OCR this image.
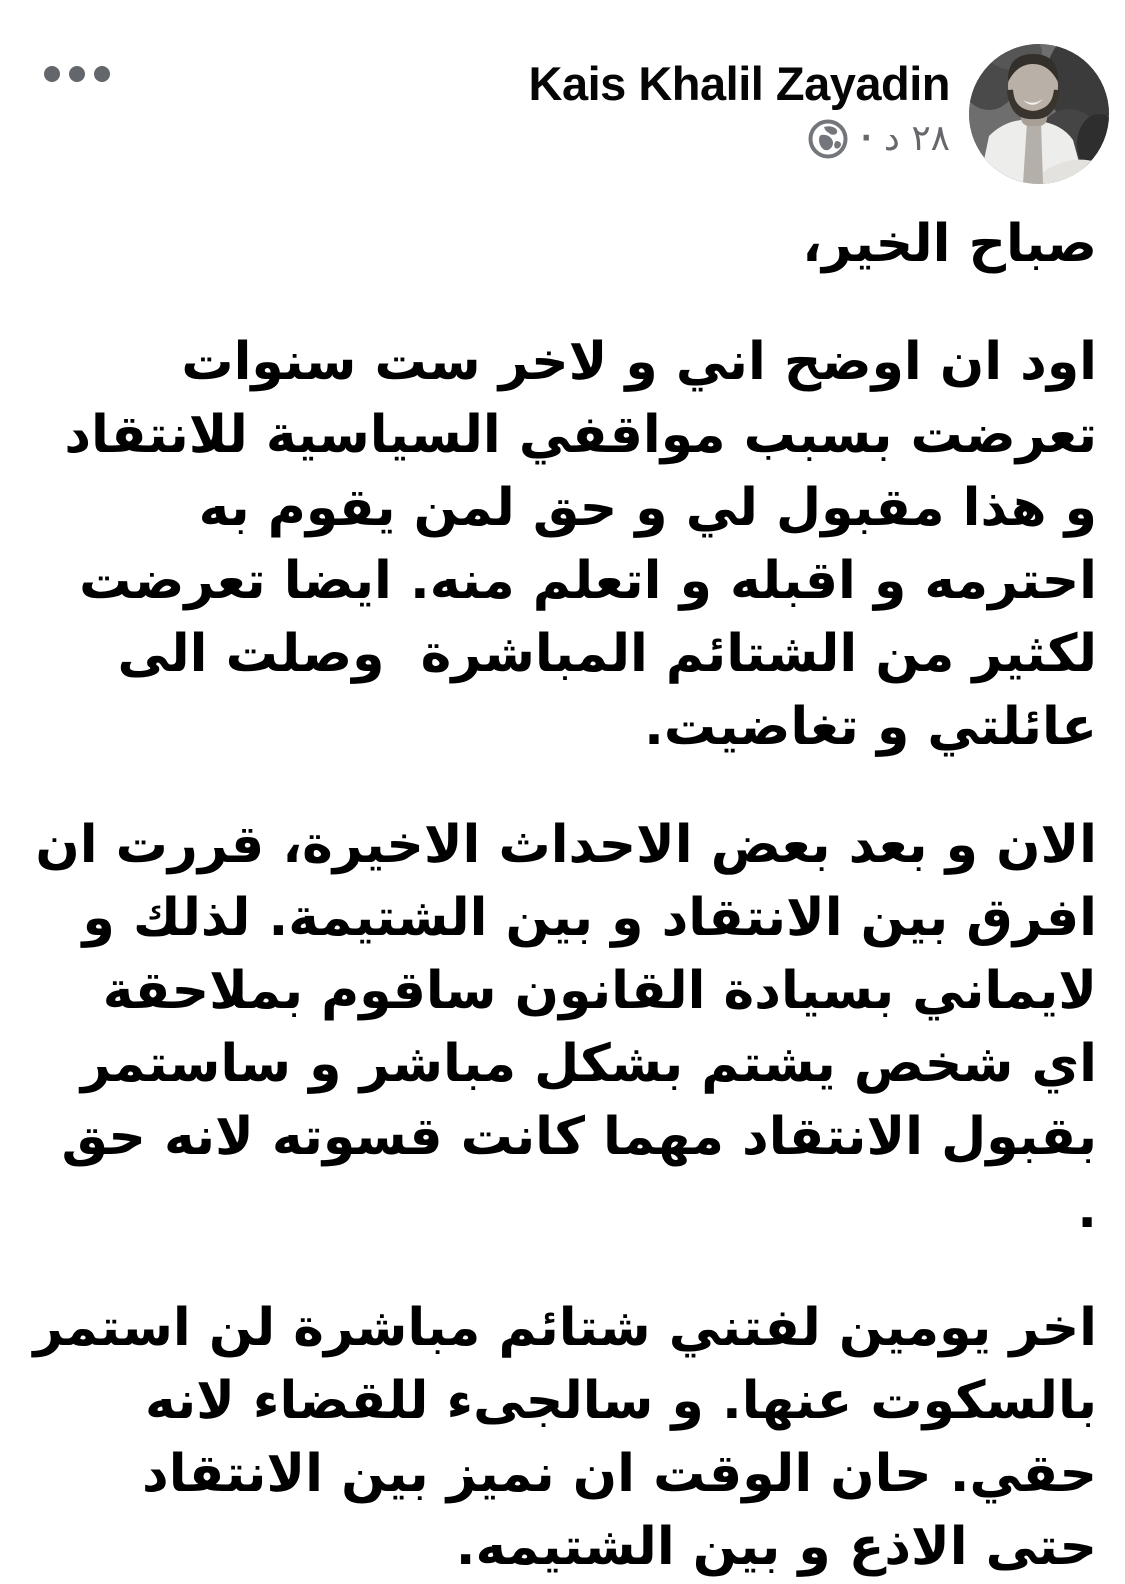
Kais Khalil Zayadin
٢٨ د
·

صباح الخير،

اود ان اوضح اني و لاخر ست سنوات تعرضت بسبب مواقفي السياسية للانتقاد و هذا مقبول لي و حق لمن يقوم به احترمه و اقبله و اتعلم منه. ايضا تعرضت لكثير من الشتائم المباشرة  وصلت الى عائلتي و تغاضيت.

الان و بعد بعض الاحداث الاخيرة، قررت ان افرق بين الانتقاد و بين الشتيمة. لذلك و لايماني بسيادة القانون ساقوم بملاحقة اي شخص يشتم بشكل مباشر و ساستمر بقبول الانتقاد مهما كانت قسوته لانه حق .

اخر يومين لفتني شتائم مباشرة لن استمر بالسكوت عنها. و سالجىء للقضاء لانه حقي. حان الوقت ان نميز بين الانتقاد حتى الاذع و بين الشتيمه.
